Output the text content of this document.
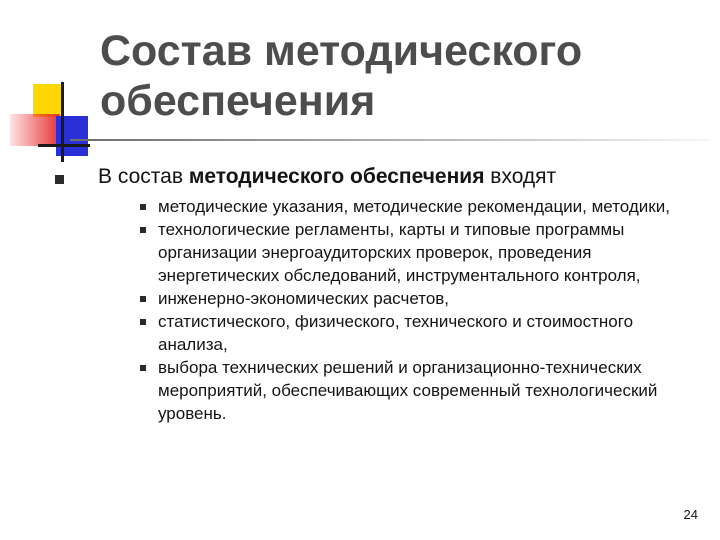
Состав методического обеспечения
В состав методического обеспечения входят
методические указания, методические рекомендации, методики,
технологические регламенты, карты и типовые программы организации энергоаудиторских проверок, проведения энергетических обследований, инструментального контроля,
инженерно-экономических расчетов,
статистического, физического, технического и стоимостного анализа,
выбора технических решений и организационно-технических мероприятий, обеспечивающих современный технологический уровень.
24
